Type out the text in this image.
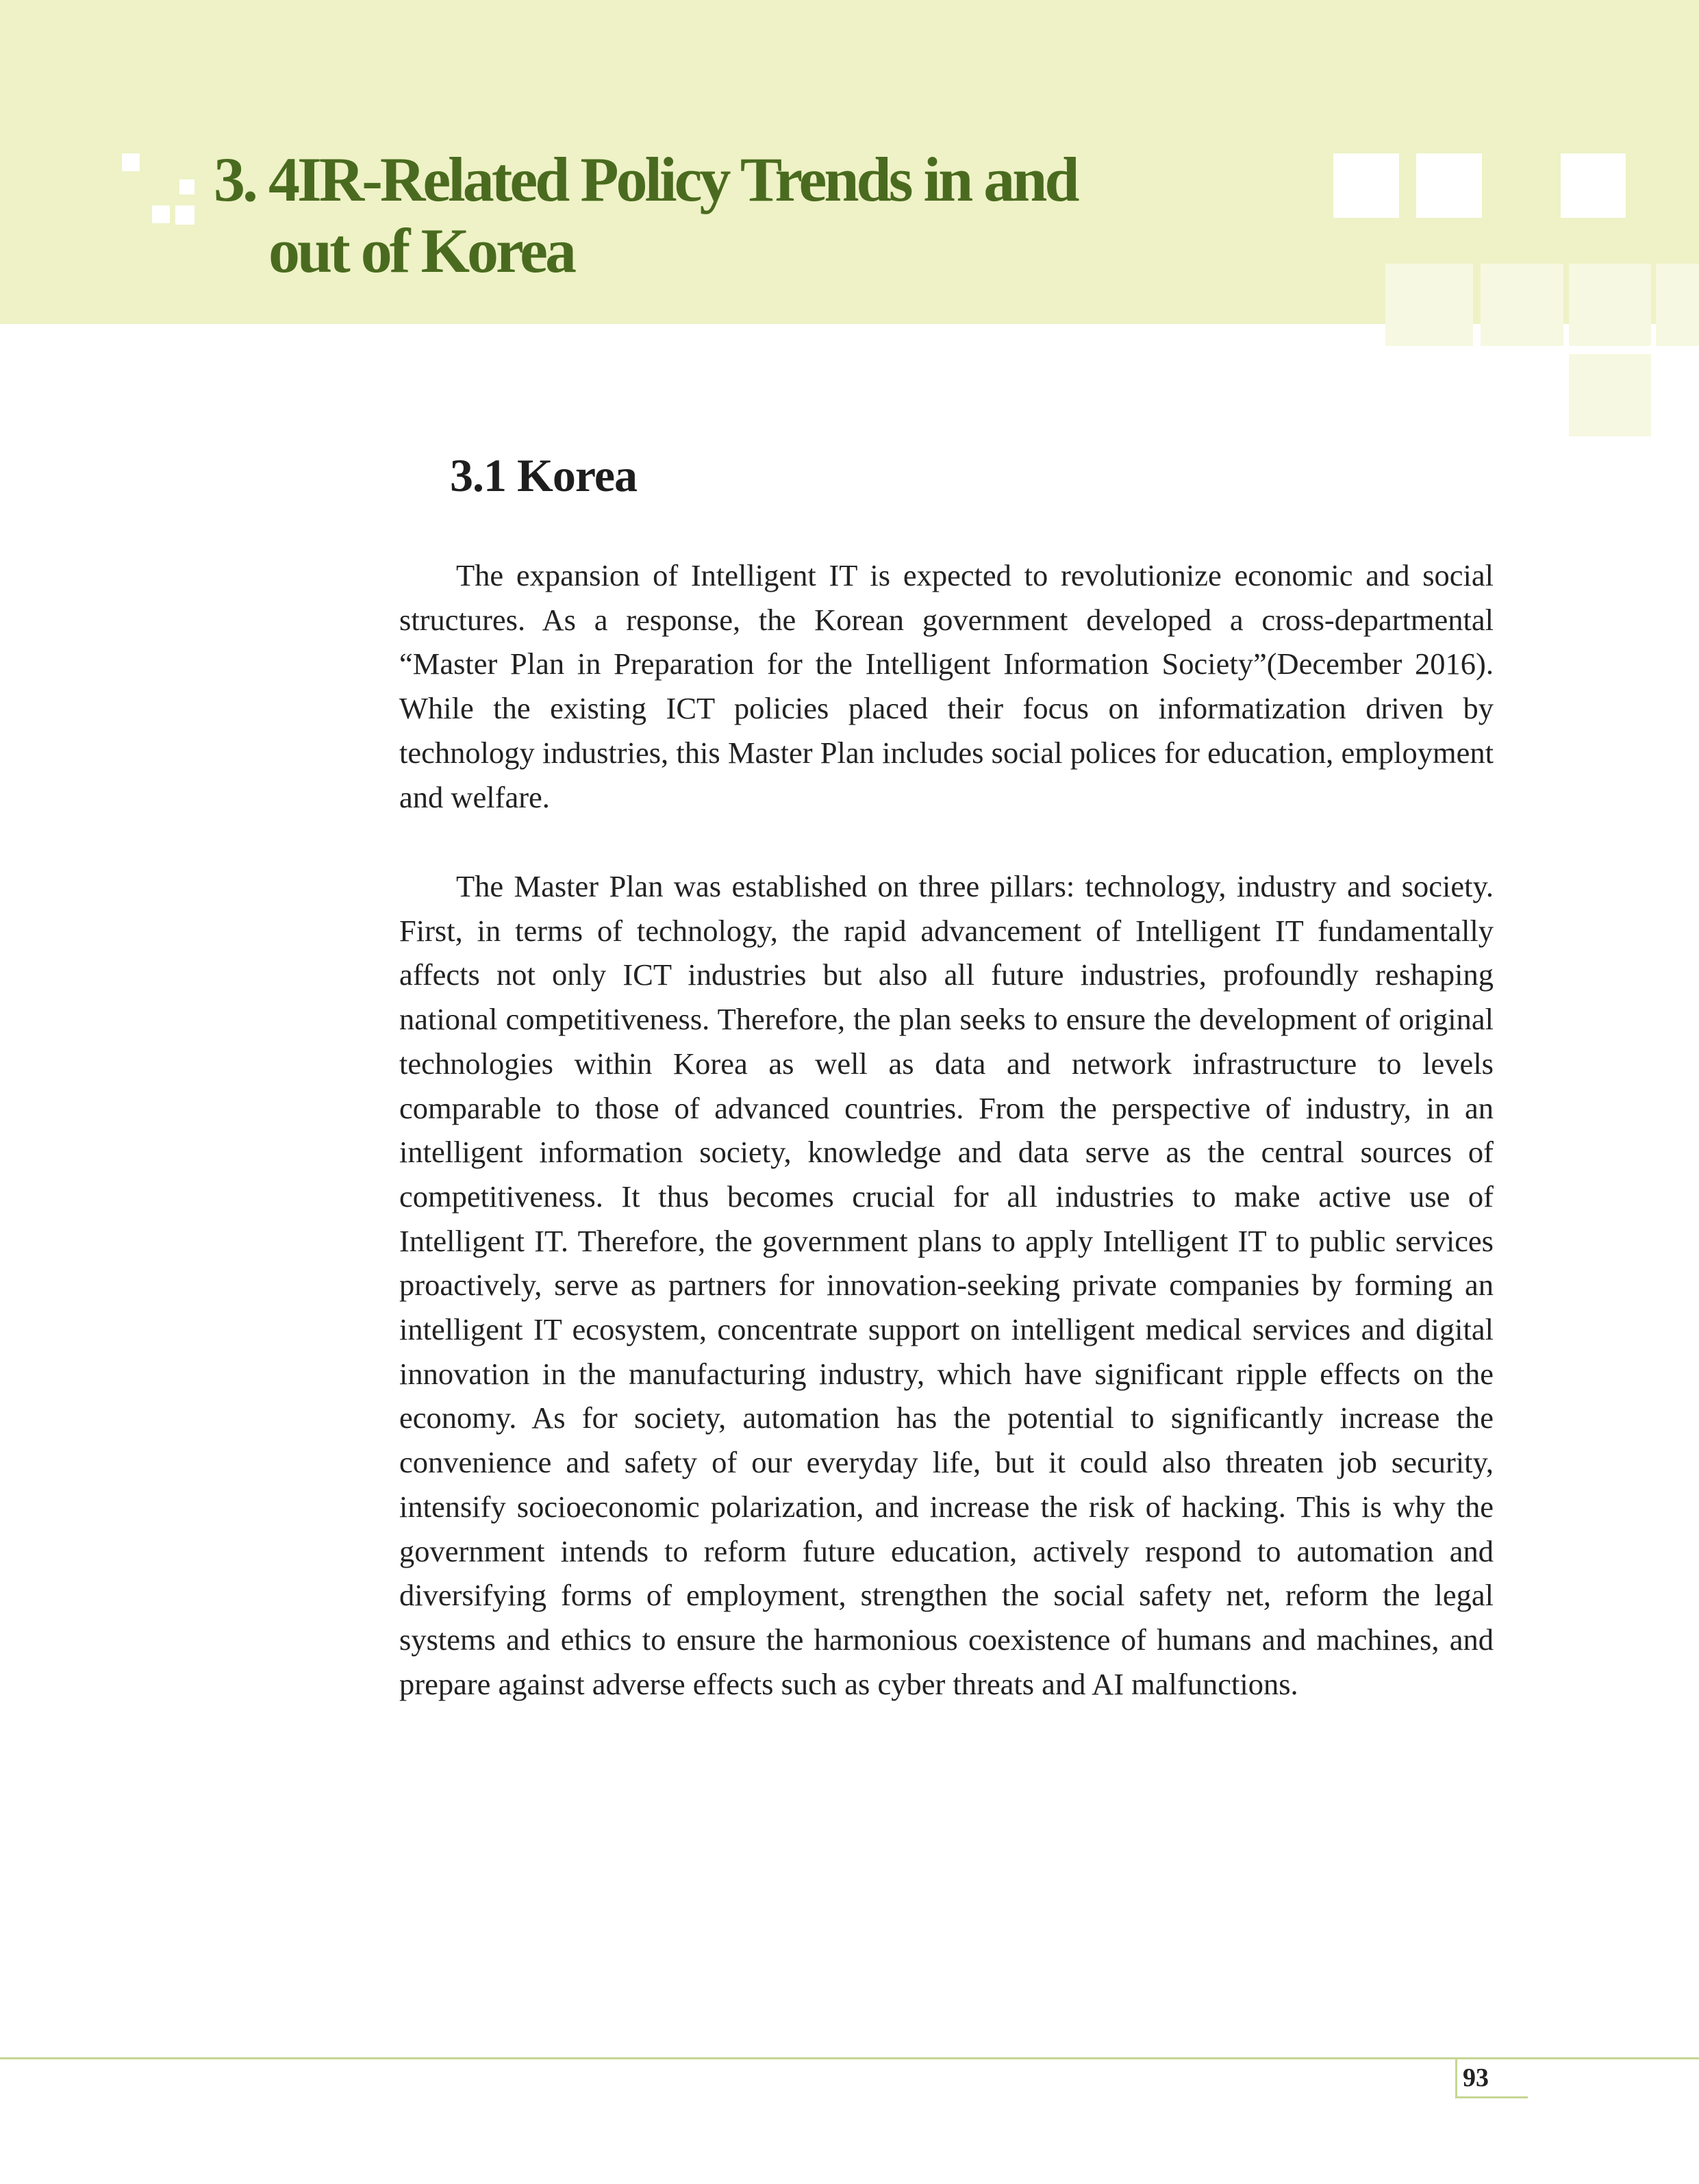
3. 4IR-Related Policy Trends in and
out of Korea
3.1 Korea

The expansion of Intelligent IT is expected to revolutionize economic and social structures. As a response, the Korean government developed a cross-departmental “Master Plan in Preparation for the Intelligent Information Society”(December 2016). While the existing ICT policies placed their focus on informatization driven by technology industries, this Master Plan includes social polices for education, employment and welfare.

The Master Plan was established on three pillars: technology, industry and society. First, in terms of technology, the rapid advancement of Intelligent IT fundamentally affects not only ICT industries but also all future industries, profoundly reshaping national competitiveness. Therefore, the plan seeks to ensure the development of original technologies within Korea as well as data and network infrastructure to levels comparable to those of advanced countries. From the perspective of industry, in an intelligent information society, knowledge and data serve as the central sources of competitiveness. It thus becomes crucial for all industries to make active use of Intelligent IT. Therefore, the government plans to apply Intelligent IT to public services proactively, serve as partners for innovation-seeking private companies by forming an intelligent IT ecosystem, concentrate support on intelligent medical services and digital innovation in the manufacturing industry, which have significant ripple effects on the economy. As for society, automation has the potential to significantly increase the convenience and safety of our everyday life, but it could also threaten job security, intensify socioeconomic polarization, and increase the risk of hacking. This is why the government intends to reform future education, actively respond to automation and diversifying forms of employment, strengthen the social safety net, reform the legal systems and ethics to ensure the harmonious coexistence of humans and machines, and prepare against adverse effects such as cyber threats and AI malfunctions.

93
